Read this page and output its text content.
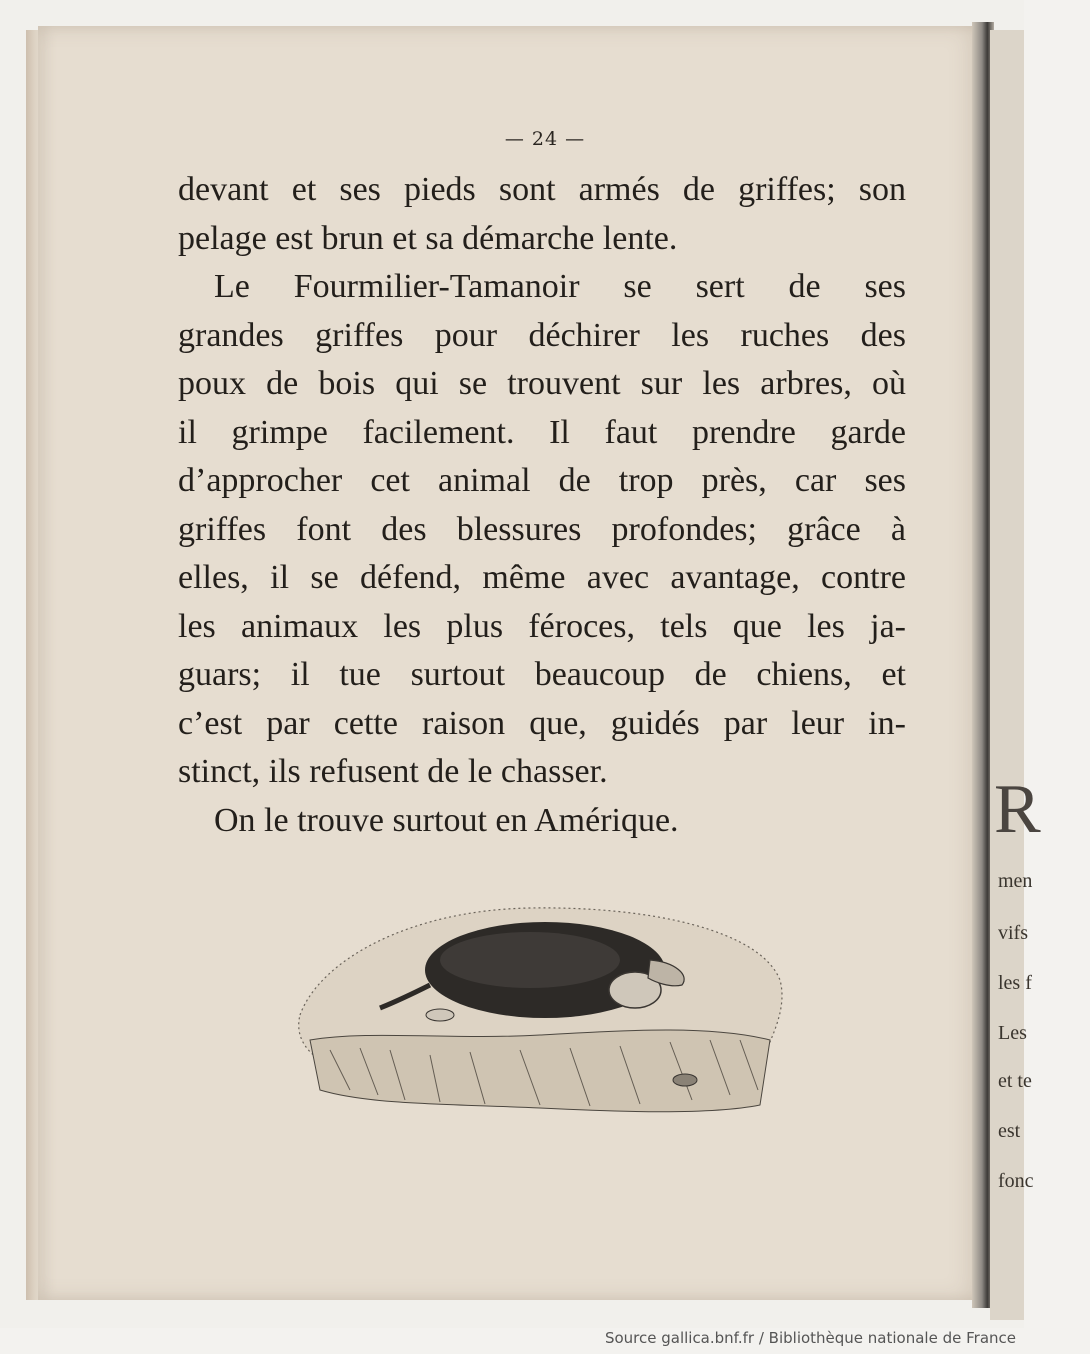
R
men
vifs
les f
Les
et te
est
fonc
— 24 —
devant et ses pieds sont armés de griffes; son
pelage est brun et sa démarche lente.
Le Fourmilier-Tamanoir se sert de ses
grandes griffes pour déchirer les ruches des
poux de bois qui se trouvent sur les arbres, où
il grimpe facilement. Il faut prendre garde
d’approcher cet animal de trop près, car ses
griffes font des blessures profondes; grâce à
elles, il se défend, même avec avantage, contre
les animaux les plus féroces, tels que les ja-
guars; il tue surtout beaucoup de chiens, et
c’est par cette raison que, guidés par leur in-
stinct, ils refusent de le chasser.
On le trouve surtout en Amérique.
Source gallica.bnf.fr / Bibliothèque nationale de France
